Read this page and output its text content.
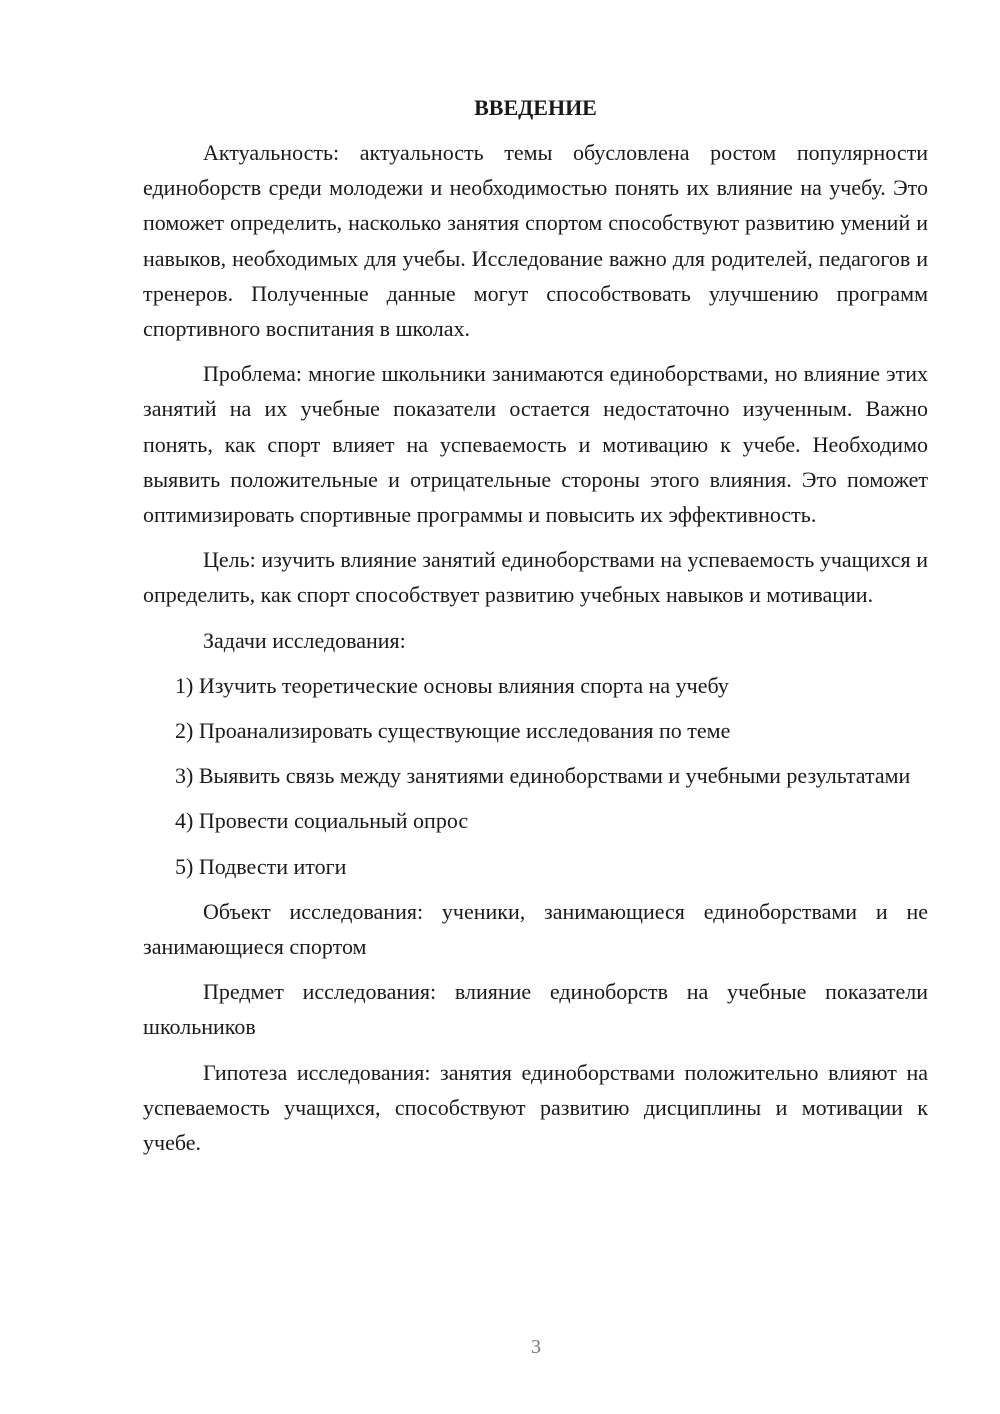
ВВЕДЕНИЕ

Актуальность: актуальность темы обусловлена ростом популярности единоборств среди молодежи и необходимостью понять их влияние на учебу. Это поможет определить, насколько занятия спортом способствуют развитию умений и навыков, необходимых для учебы. Исследование важно для родителей, педагогов и тренеров. Полученные данные могут способствовать улучшению программ спортивного воспитания в школах.

Проблема: многие школьники занимаются единоборствами, но влияние этих занятий на их учебные показатели остается недостаточно изученным. Важно понять, как спорт влияет на успеваемость и мотивацию к учебе. Необходимо выявить положительные и отрицательные стороны этого влияния. Это поможет оптимизировать спортивные программы и повысить их эффективность.

Цель: изучить влияние занятий единоборствами на успеваемость учащихся и определить, как спорт способствует развитию учебных навыков и мотивации.

Задачи исследования:

1) Изучить теоретические основы влияния спорта на учебу
2) Проанализировать существующие исследования по теме
3) Выявить связь между занятиями единоборствами и учебными результатами
4) Провести социальный опрос
5) Подвести итоги

Объект исследования: ученики, занимающиеся единоборствами и не занимающиеся спортом

Предмет исследования: влияние единоборств на учебные показатели школьников

Гипотеза исследования: занятия единоборствами положительно влияют на успеваемость учащихся, способствуют развитию дисциплины и мотивации к учебе.

3
